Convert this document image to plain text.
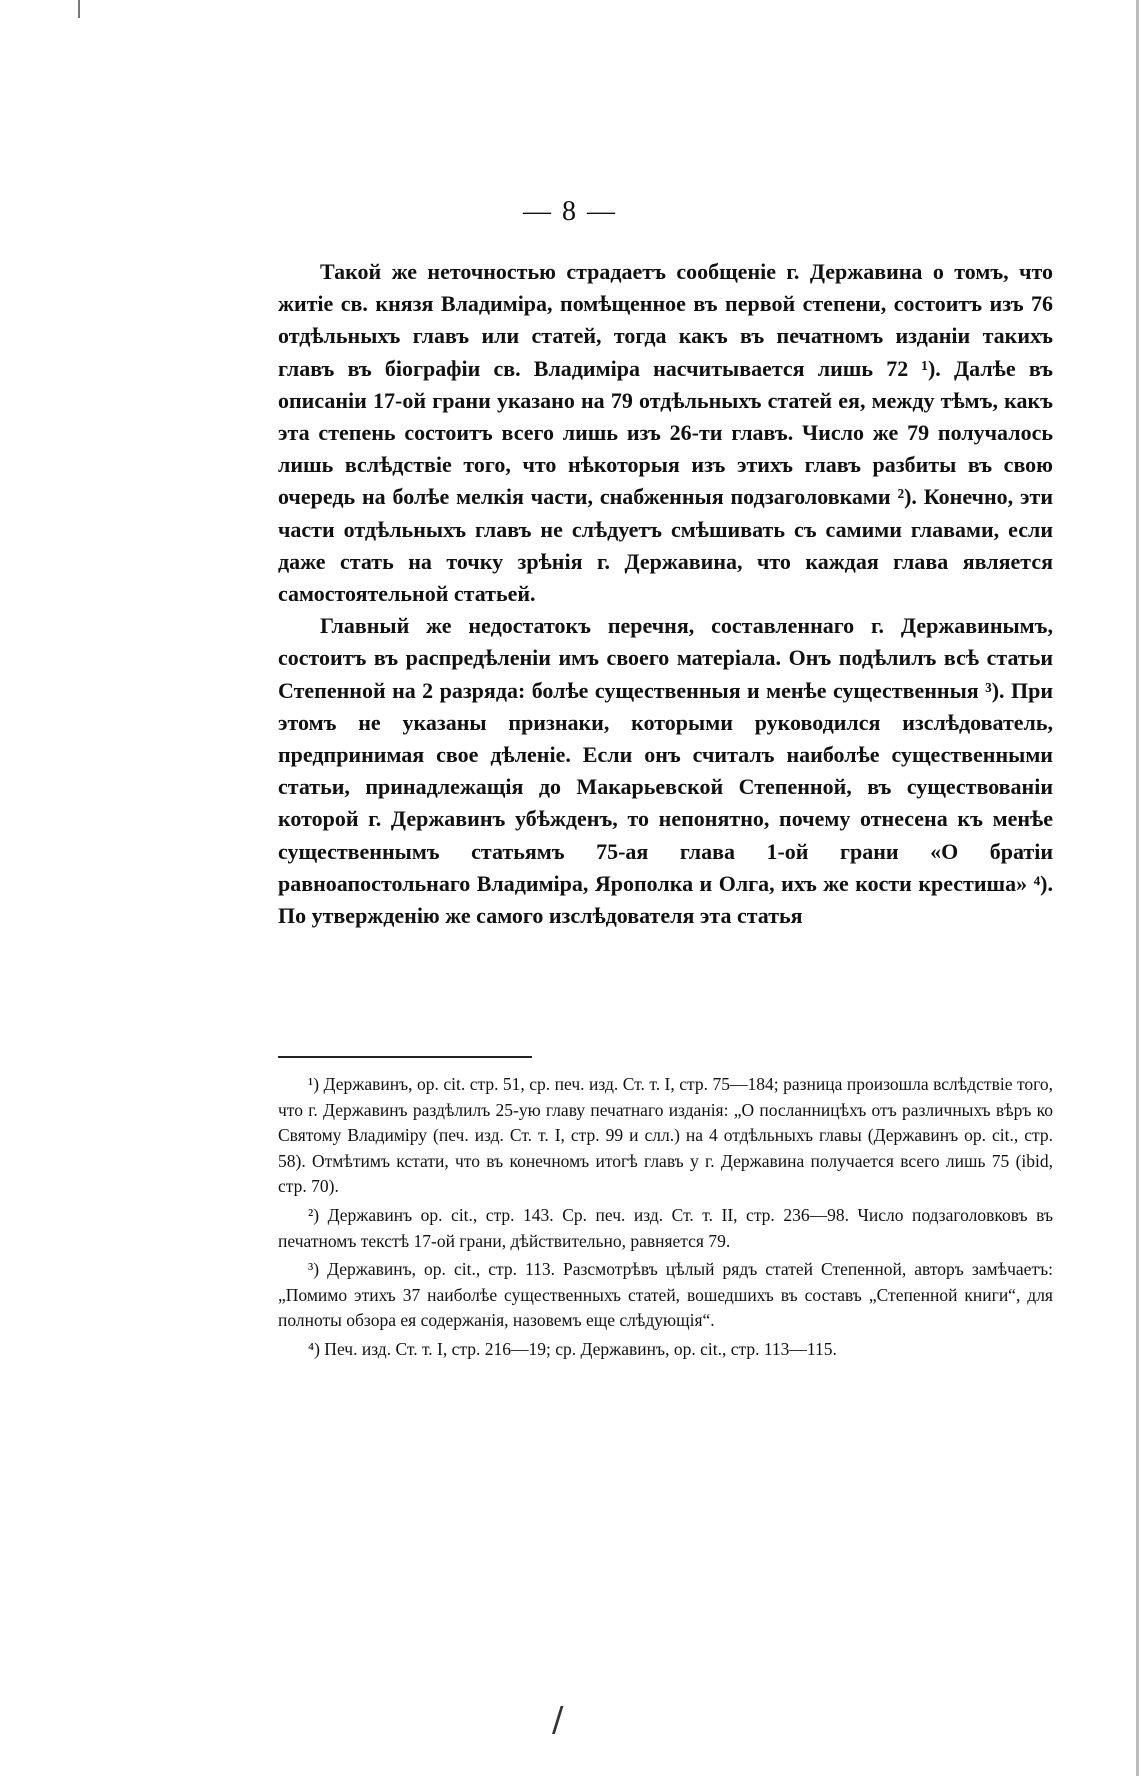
— 8 —

Такой же неточностью страдаетъ сообщеніе г. Державина о томъ, что житіе св. князя Владиміра, помѣщенное въ первой степени, состоитъ изъ 76 отдѣльныхъ главъ или статей, тогда какъ въ печатномъ изданіи такихъ главъ въ біографіи св. Владиміра насчитывается лишь 72 ¹). Далѣе въ описаніи 17-ой грани указано на 79 отдѣльныхъ статей ея, между тѣмъ, какъ эта степень состоитъ всего лишь изъ 26-ти главъ. Число же 79 получалось лишь вслѣдствіе того, что нѣкоторыя изъ этихъ главъ разбиты въ свою очередь на болѣе мелкія части, снабженныя подзаголовками ²). Конечно, эти части отдѣльныхъ главъ не слѣдуетъ смѣшивать съ самими главами, если даже стать на точку зрѣнія г. Державина, что каждая глава является самостоятельной статьей.

Главный же недостатокъ перечня, составленнаго г. Державинымъ, состоитъ въ распредѣленіи имъ своего матеріала. Онъ подѣлилъ всѣ статьи Степенной на 2 разряда: болѣе существенныя и менѣе существенныя ³). При этомъ не указаны признаки, которыми руководился изслѣдователь, предпринимая свое дѣленіе. Если онъ считалъ наиболѣе существенными статьи, принадлежащія до Макарьевской Степенной, въ существованіи которой г. Державинъ убѣжденъ, то непонятно, почему отнесена къ менѣе существеннымъ статьямъ 75-ая глава 1-ой грани «О братіи равноапостольнаго Владиміра, Ярополка и Олга, ихъ же кости крестиша» ⁴). По утвержденію же самого изслѣдователя эта статья

¹) Державинъ, op. cit. стр. 51, ср. печ. изд. Ст. т. I, стр. 75—184; разница произошла вслѣдствіе того, что г. Державинъ раздѣлилъ 25-ую главу печатнаго изданія: „О посланницѣхъ отъ различныхъ вѣръ ко Святому Владиміру (печ. изд. Ст. т. I, стр. 99 и слл.) на 4 отдѣльныхъ главы (Державинъ op. cit., стр. 58). Отмѣтимъ кстати, что въ конечномъ итогѣ главъ у г. Державина получается всего лишь 75 (ibid, стр. 70).

²) Державинъ op. cit., стр. 143. Ср. печ. изд. Ст. т. II, стр. 236—98. Число подзаголовковъ въ печатномъ текстѣ 17-ой грани, дѣйствительно, равняется 79.

³) Державинъ, op. cit., стр. 113. Разсмотрѣвъ цѣлый рядъ статей Степенной, авторъ замѣчаетъ: „Помимо этихъ 37 наиболѣе существенныхъ статей, вошедшихъ въ составъ „Степенной книги“, для полноты обзора ея содержанія, назовемъ еще слѣдующія“.

⁴) Печ. изд. Ст. т. I, стр. 216—19; ср. Державинъ, op. cit., стр. 113—115.

/
